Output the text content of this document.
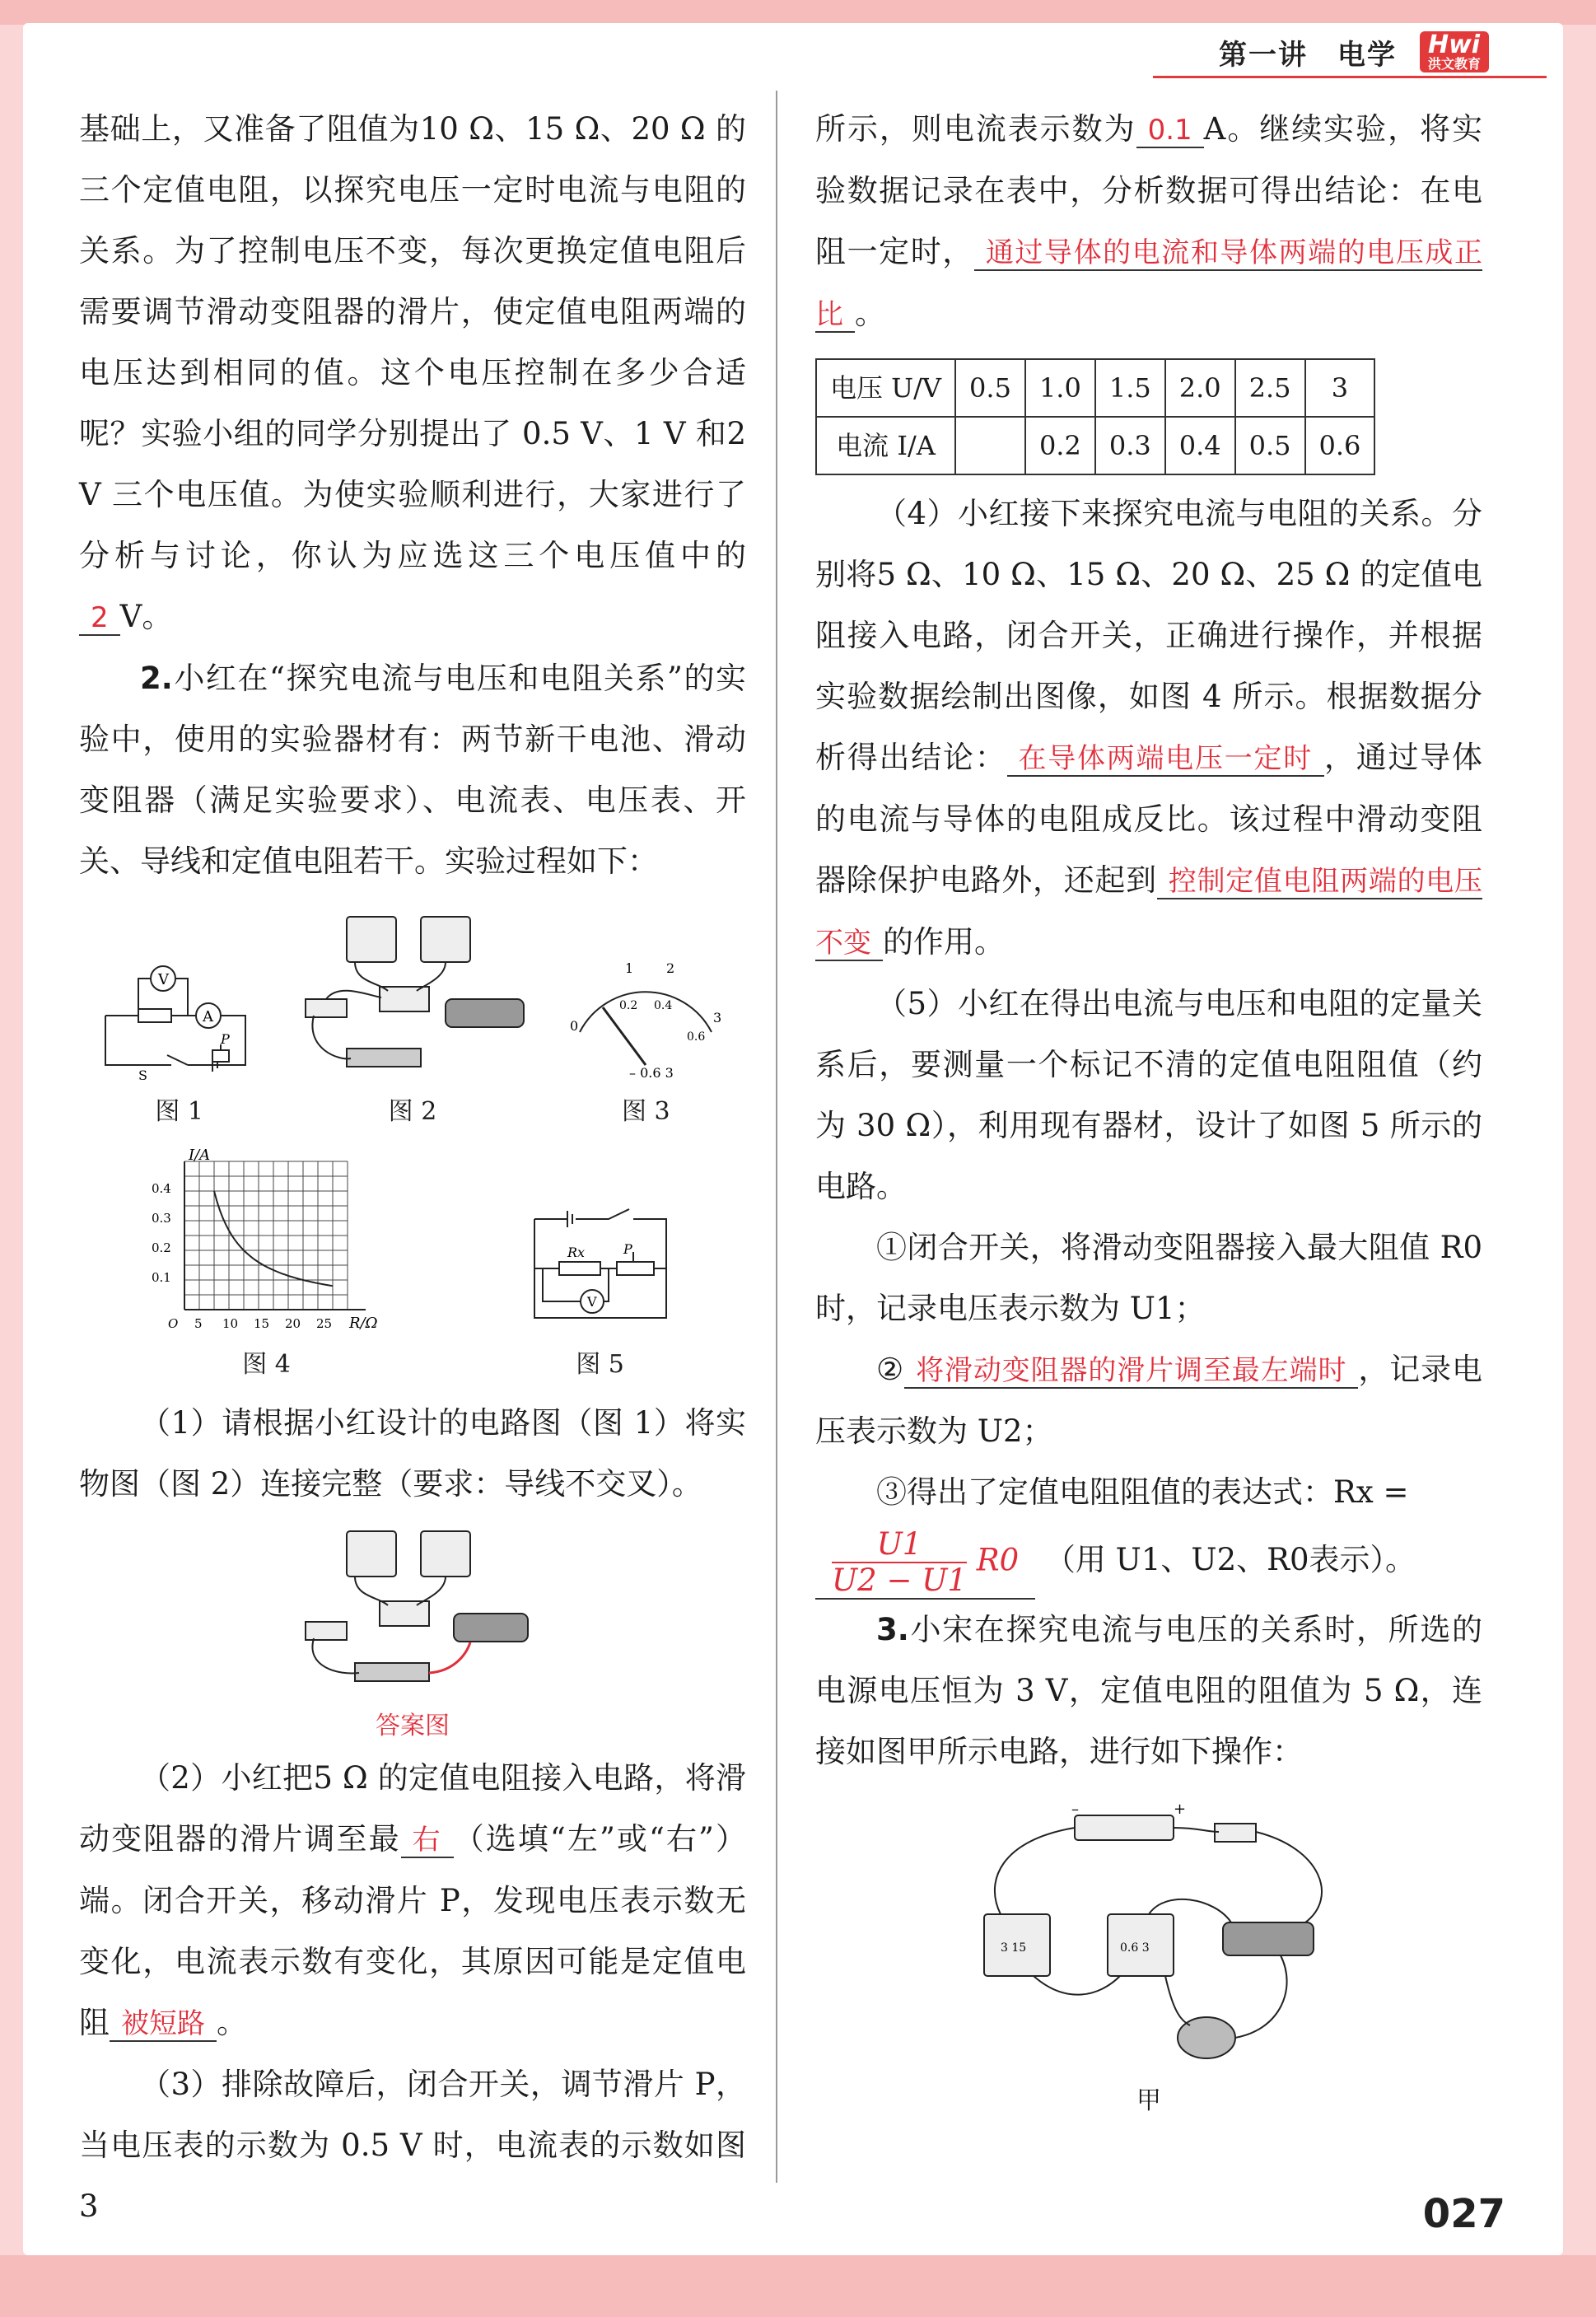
第一讲　电学	Hwi
洪文教育

基础上，又准备了阻值为10 Ω、15 Ω、20 Ω 的三个定值电阻，以探究电压一定时电流与电阻的关系。为了控制电压不变，每次更换定值电阻后需要调节滑动变阻器的滑片，使定值电阻两端的电压达到相同的值。这个电压控制在多少合适呢？实验小组的同学分别提出了 0.5 V、1 V 和2 V 三个电压值。为使实验顺利进行，大家进行了分析与讨论，你认为应选这三个电压值中的2 V。

2.小红在“探究电流与电压和电阻关系”的实验中，使用的实验器材有：两节新干电池、滑动变阻器（满足实验要求）、电流表、电压表、开关、导线和定值电阻若干。实验过程如下：

V
A
S
P
图 1	图 2
1 2
0
3
0.2 0.4
0.6
– 0.6 3
图 3
I/A
R/Ω
0.4
0.3
0.2
0.1
O 5 10 15 20 25
图 4
Rx	P
V
图 5

（1）请根据小红设计的电路图（图 1）将实物图（图 2）连接完整（要求：导线不交叉）。

答案图

（2）小红把5 Ω 的定值电阻接入电路，将滑动变阻器的滑片调至最 右 （选填“左”或“右”）端。闭合开关，移动滑片 P，发现电压表示数无变化，电流表示数有变化，其原因可能是定值电阻 被短路 。

（3）排除故障后，闭合开关，调节滑片 P，当电压表的示数为 0.5 V 时，电流表的示数如图 3

所示，则电流表示数为 0.1 A。继续实验，将实验数据记录在表中，分析数据可得出结论：在电阻一定时， 通过导体的电流和导体两端的电压成正比 。

电压 U/V	0.5	1.0	1.5	2.0	2.5	3
电流 I/A		0.2	0.3	0.4	0.5	0.6

（4）小红接下来探究电流与电阻的关系。分别将5 Ω、10 Ω、15 Ω、20 Ω、25 Ω 的定值电阻接入电路，闭合开关，正确进行操作，并根据实验数据绘制出图像，如图 4 所示。根据数据分析得出结论： 在导体两端电压一定时 ，通过导体的电流与导体的电阻成反比。该过程中滑动变阻器除保护电路外，还起到 控制定值电阻两端的电压不变 的作用。

（5）小红在得出电流与电压和电阻的定量关系后，要测量一个标记不清的定值电阻阻值（约为 30 Ω），利用现有器材，设计了如图 5 所示的电路。

①闭合开关，将滑动变阻器接入最大阻值 R0 时，记录电压表示数为 U1；

② 将滑动变阻器的滑片调至最左端时 ，记录电压表示数为 U2；

③得出了定值电阻阻值的表达式：Rx =

$\frac{U1}{U2 - U1} R0$ （用 U1、U2、R0表示）。

3.小宋在探究电流与电压的关系时，所选的电源电压恒为 3 V，定值电阻的阻值为 5 Ω，连接如图甲所示电路，进行如下操作：

–	+
3 15	0.6 3
甲
027
